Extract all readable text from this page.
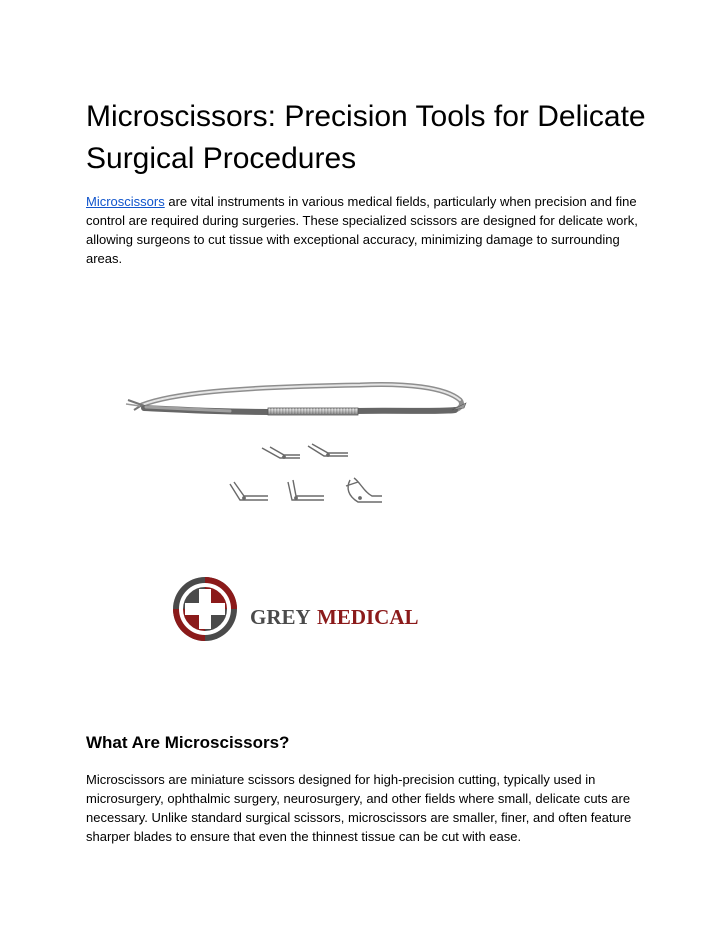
Microscissors: Precision Tools for Delicate Surgical Procedures

Microscissors are vital instruments in various medical fields, particularly when precision and fine control are required during surgeries. These specialized scissors are designed for delicate work, allowing surgeons to cut tissue with exceptional accuracy, minimizing damage to surrounding areas.

GREY MEDICAL
What Are Microscissors?

Microscissors are miniature scissors designed for high-precision cutting, typically used in microsurgery, ophthalmic surgery, neurosurgery, and other fields where small, delicate cuts are necessary. Unlike standard surgical scissors, microscissors are smaller, finer, and often feature sharper blades to ensure that even the thinnest tissue can be cut with ease.
